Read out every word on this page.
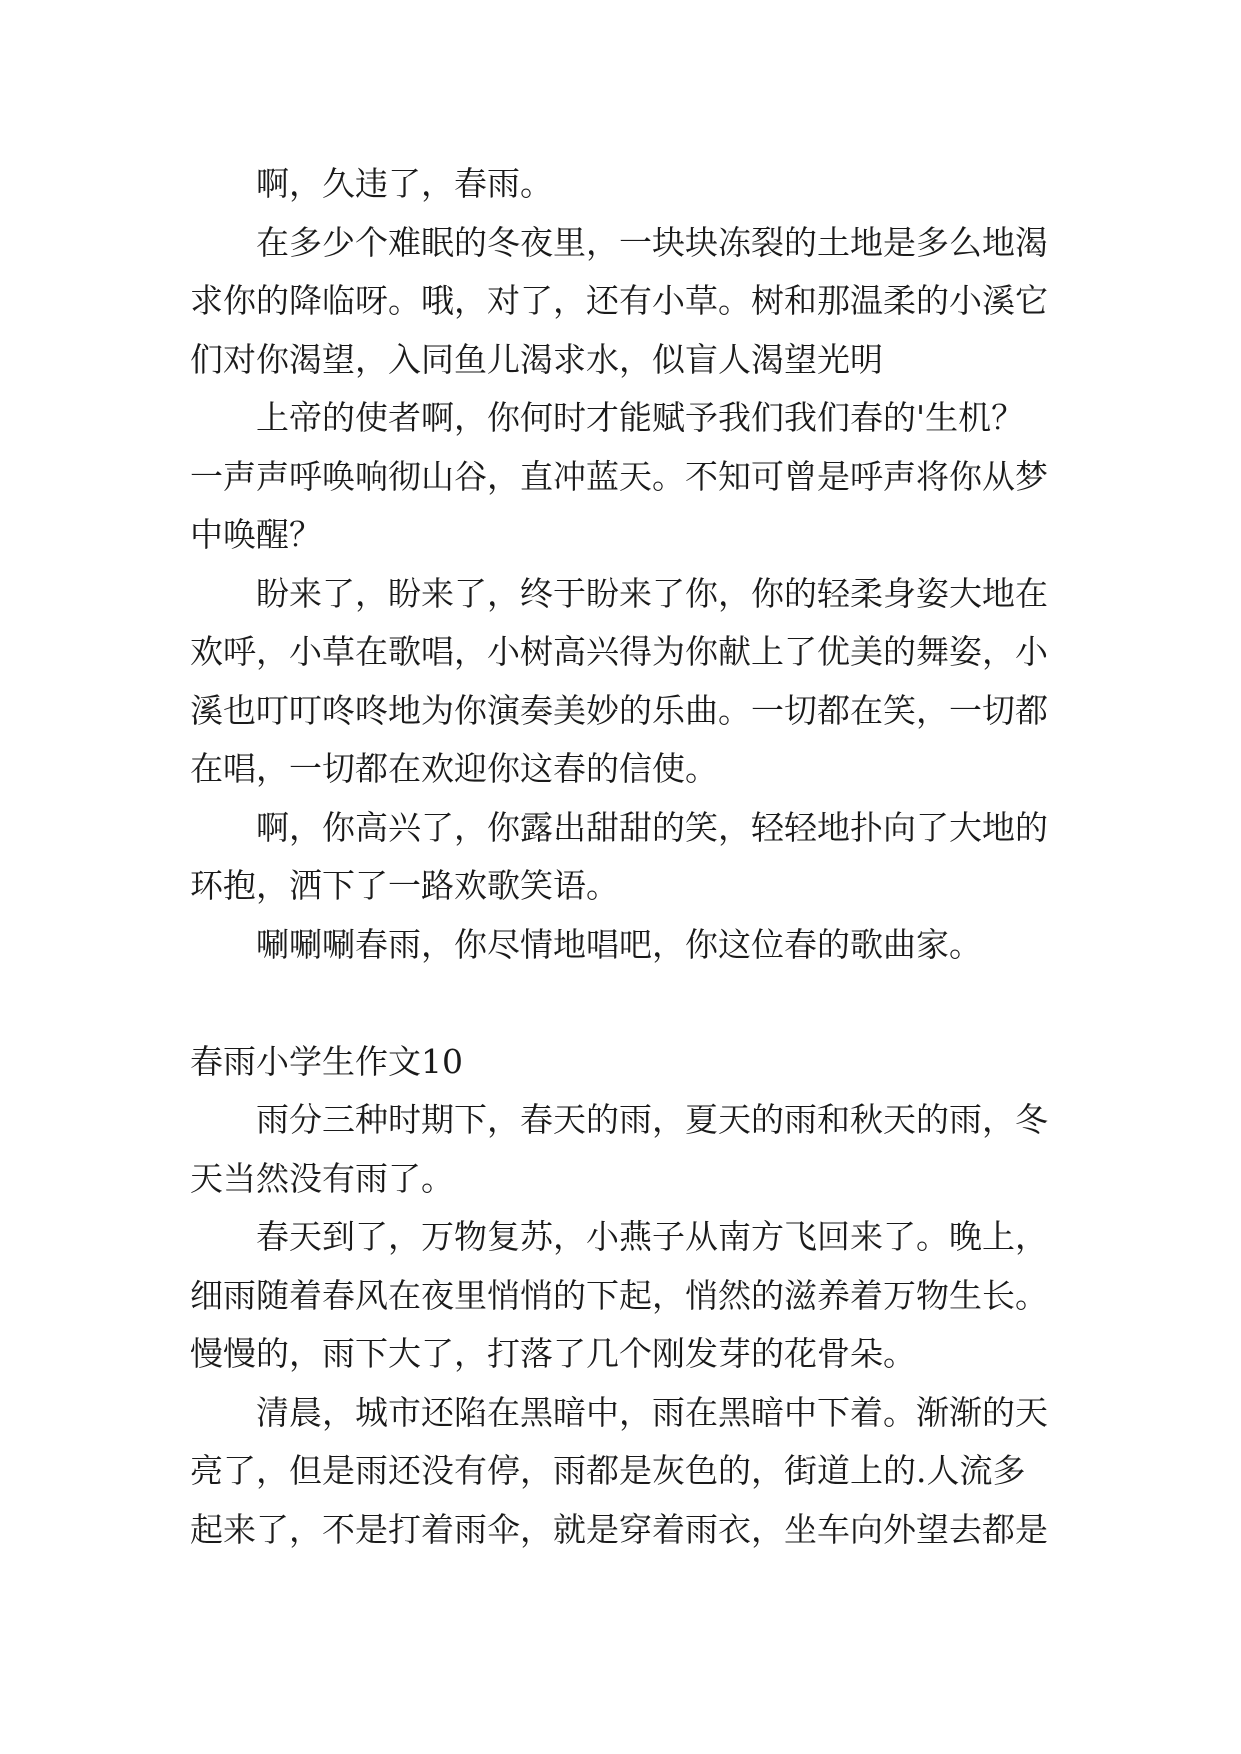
啊，久违了，春雨。
在多少个难眠的冬夜里，一块块冻裂的土地是多么地渴
求你的降临呀。哦，对了，还有小草。树和那温柔的小溪它
们对你渴望，入同鱼儿渴求水，似盲人渴望光明
上帝的使者啊，你何时才能赋予我们我们春的'生机？
一声声呼唤响彻山谷，直冲蓝天。不知可曾是呼声将你从梦
中唤醒？
盼来了，盼来了，终于盼来了你，你的轻柔身姿大地在
欢呼，小草在歌唱，小树高兴得为你献上了优美的舞姿，小
溪也叮叮咚咚地为你演奏美妙的乐曲。一切都在笑，一切都
在唱，一切都在欢迎你这春的信使。
啊，你高兴了，你露出甜甜的笑，轻轻地扑向了大地的
环抱，洒下了一路欢歌笑语。
唰唰唰春雨，你尽情地唱吧，你这位春的歌曲家。
春雨小学生作文10
雨分三种时期下，春天的雨，夏天的雨和秋天的雨，冬
天当然没有雨了。
春天到了，万物复苏，小燕子从南方飞回来了。晚上，
细雨随着春风在夜里悄悄的下起，悄然的滋养着万物生长。
慢慢的，雨下大了，打落了几个刚发芽的花骨朵。
清晨，城市还陷在黑暗中，雨在黑暗中下着。渐渐的天
亮了，但是雨还没有停，雨都是灰色的，街道上的.人流多
起来了，不是打着雨伞，就是穿着雨衣，坐车向外望去都是
